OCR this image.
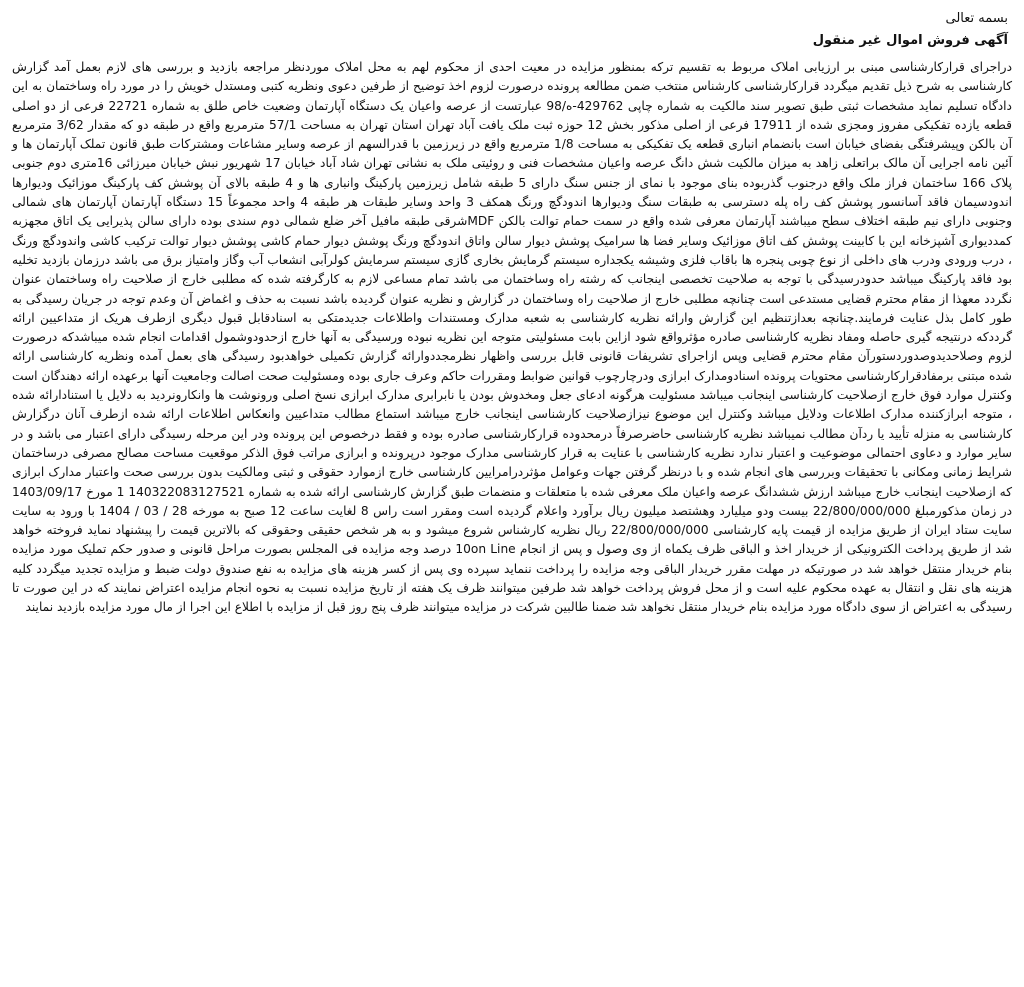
بسمه تعالی

آگهی فروش اموال غیر منقول

دراجرای قرارکارشناسی مبنی بر ارزیابی املاک مربوط به تقسیم ترکه بمنظور مزایده در معیت احدی از محکوم لهم به محل املاک موردنظر مراجعه بازدید و بررسی های لازم بعمل آمد گزارش کارشناسی به شرح ذیل تقدیم میگردد قرارکارشناسی کارشناس منتخب ضمن مطالعه پرونده درصورت لزوم اخذ توضیح از طرفین دعوی ونظریه کتبی ومستدل خویش را در مورد راه وساختمان به این دادگاه تسلیم نماید مشخصات ثبتی طبق تصویر سند مالکیت به شماره چاپی 429762-ه/98 عبارتست از عرصه واعیان یک دستگاه آپارتمان وضعیت خاص طلق به شماره 22721 فرعی از دو اصلی قطعه یازده تفکیکی مفروز ومجزی شده از 17911 فرعی از اصلی مذکور بخش 12 حوزه ثبت ملک یافت آباد تهران استان تهران به مساحت 57/1 مترمربع واقع در طبقه دو که مقدار 3/62 مترمربع آن بالکن وپیشرفتگی بفضای خیابان است بانضمام انباری قطعه یک تفکیکی به مساحت 1/8 مترمربع واقع در زیرزمین با قدرالسهم از عرصه وسایر مشاعات ومشترکات طبق قانون تملک آپارتمان ها و آئین نامه اجرایی آن مالک براتعلی زاهد به میزان مالکیت شش دانگ عرصه واعیان مشخصات فنی و روئیتی ملک به نشانی تهران شاد آباد خیابان 17 شهریور نبش خیابان میرزائی 16متری دوم جنوبی پلاک 166 ساختمان فراز ملک واقع درجنوب گذربوده بنای موجود با نمای از جنس سنگ دارای 5 طبقه شامل زیرزمین پارکینگ وانباری ها و 4 طبقه بالای آن پوشش کف پارکینگ موزائیک ودیوارها اندودسیمان فاقد آسانسور پوشش کف راه پله دسترسی به طبقات سنگ ودیوارها اندودگچ ورنگ همکف 3 واحد وسایر طبقات هر طبقه 4 واحد مجموعاً 15 دستگاه آپارتمان آپارتمان های شمالی وجنوبی دارای نیم طبقه اختلاف سطح میباشند آپارتمان معرفی شده واقع در سمت حمام توالت بالکن MDFشرقی طبقه مافیل آخر ضلع شمالی دوم سندی بوده دارای سالن پذیرایی یک اتاق مجهزبه کمددیواری آشپزخانه این با کابینت پوشش کف اتاق موزائیک وسایر فضا ها سرامیک پوشش دیوار سالن واتاق اندودگچ ورنگ پوشش دیوار حمام کاشی پوشش دیوار توالت ترکیب کاشی واندودگچ ورنگ ، درب ورودی ودرب های داخلی از نوع چوبی پنجره ها باقاب فلزی وشیشه یکجداره سیستم گرمایش بخاری گازی سیستم سرمایش کولرآبی انشعاب آب وگاز وامتیاز برق می باشد درزمان بازدید تخلیه بود فاقد پارکینگ میباشد حدودرسیدگی با توجه به صلاحیت تخصصی اینجانب که رشته راه وساختمان می باشد تمام مساعی لازم به کارگرفته شده که مطلبی خارج از صلاحیت راه وساختمان عنوان نگردد معهذا از مقام محترم قضایی مستدعی است چنانچه مطلبی خارج از صلاحیت راه وساختمان در گزارش و نظریه عنوان گردیده باشد نسبت به حذف و اغماض آن وعدم توجه در جریان رسیدگی به طور کامل بذل عنایت فرمایند.چنانچه بعدازتنظیم این گزارش وارائه نظریه کارشناسی به شعبه مدارک ومستندات واطلاعات جدیدمتکی به اسنادقابل قبول دیگری ازطرف هریک از متداعیین ارائه گرددکه درنتیجه گیری حاصله ومفاد نظریه کارشناسی صادره مؤثرواقع شود ازاین بابت مسئولیتی متوجه این نظریه نبوده ورسیدگی به آنها خارج ازحدودوشمول اقدامات انجام شده میباشدکه درصورت لزوم وصلاحدیدوصدوردستورآن مقام محترم قضایی وپس ازاجرای تشریفات قانونی قابل بررسی واظهار نظرمجددوارائه گزارش تکمیلی خواهدبود رسیدگی های بعمل آمده ونظریه کارشناسی ارائه شده مبتنی برمفادقرارکارشناسی محتویات پرونده اسنادومدارک ابرازی ودرچارچوب قوانین ضوابط ومقررات حاکم وعرف جاری بوده ومسئولیت صحت اصالت وجامعیت آنها برعهده ارائه دهندگان است وکنترل موارد فوق خارج ازصلاحیت کارشناسی اینجانب میباشد مسئولیت هرگونه ادعای جعل ومخدوش بودن یا نابرابری مدارک ابرازی نسخ اصلی ورونوشت ها وانکارونردید به دلایل یا استنادارائه شده ، متوجه ابرازکننده مدارک اطلاعات ودلایل میباشد وکنترل این موضوع نیزازصلاحیت کارشناسی اینجانب خارج میباشد استماع مطالب متداعیین وانعکاس اطلاعات ارائه شده ازطرف آنان درگزارش کارشناسی به منزله تأیید یا ردآن مطالب نمیباشد نظریه کارشناسی حاضرصرفاً درمحدوده قرارکارشناسی صادره بوده و فقط درخصوص این پرونده ودر این مرحله رسیدگی دارای اعتبار می باشد و در سایر موارد و دعاوی احتمالی موضوعیت و اعتبار ندارد نظریه کارشناسی با عنایت به قرار کارشناسی مدارک موجود درپرونده و ابرازی مراتب فوق الذکر موقعیت مساحت مصالح مصرفی درساختمان شرایط زمانی ومکانی با تحقیقات وبررسی های انجام شده و با درنظر گرفتن جهات وعوامل مؤثردرامرایین کارشناسی خارج ازموارد حقوقی و ثبتی ومالکیت بدون بررسی صحت واعتبار مدارک ابرازی که ازصلاحیت اینجانب خارج میباشد ارزش ششدانگ عرصه واعیان ملک معرفی شده با متعلقات و منضمات طبق گزارش کارشناسی ارائه شده به شماره 140322083127521 1 مورخ 1403/09/17 در زمان مذکورمبلغ 22/800/000/000 بیست ودو میلیارد وهشتصد میلیون ریال برآورد واعلام گردیده است ومقرر است راس 8 لغایت ساعت 12 صبح به مورخه 28 / 03 / 1404 با ورود به سایت سایت ستاد ایران از طریق مزایده از قیمت پایه کارشناسی 22/800/000/000 ریال نظریه کارشناس شروع میشود و به هر شخص حقیقی وحقوقی که بالاترین قیمت را پیشنهاد نماید فروخته خواهد شد از طریق پرداخت الکترونیکی از خریدار اخذ و الباقی ظرف یکماه از وی وصول و پس از انجام 10on Line درصد وجه مزایده فی المجلس بصورت مراحل قانونی و صدور حکم تملیک مورد مزایده بنام خریدار منتقل خواهد شد در صورتیکه در مهلت مقرر خریدار الباقی وجه مزایده را پرداخت ننماید سپرده وی پس از کسر هزینه های مزایده به نفع صندوق دولت ضبط و مزایده تجدید میگردد کلیه هزینه های نقل و انتقال به عهده محکوم علیه است و از محل فروش پرداخت خواهد شد طرفین میتوانند ظرف یک هفته از تاریخ مزایده نسبت به نحوه انجام مزایده اعتراض نمایند که در این صورت تا رسیدگی به اعتراض از سوی دادگاه مورد مزایده بنام خریدار منتقل نخواهد شد ضمنا طالبین شرکت در مزایده میتوانند ظرف پنج روز قبل از مزایده با اطلاع این اجرا از مال مورد مزایده بازدید نمایند
